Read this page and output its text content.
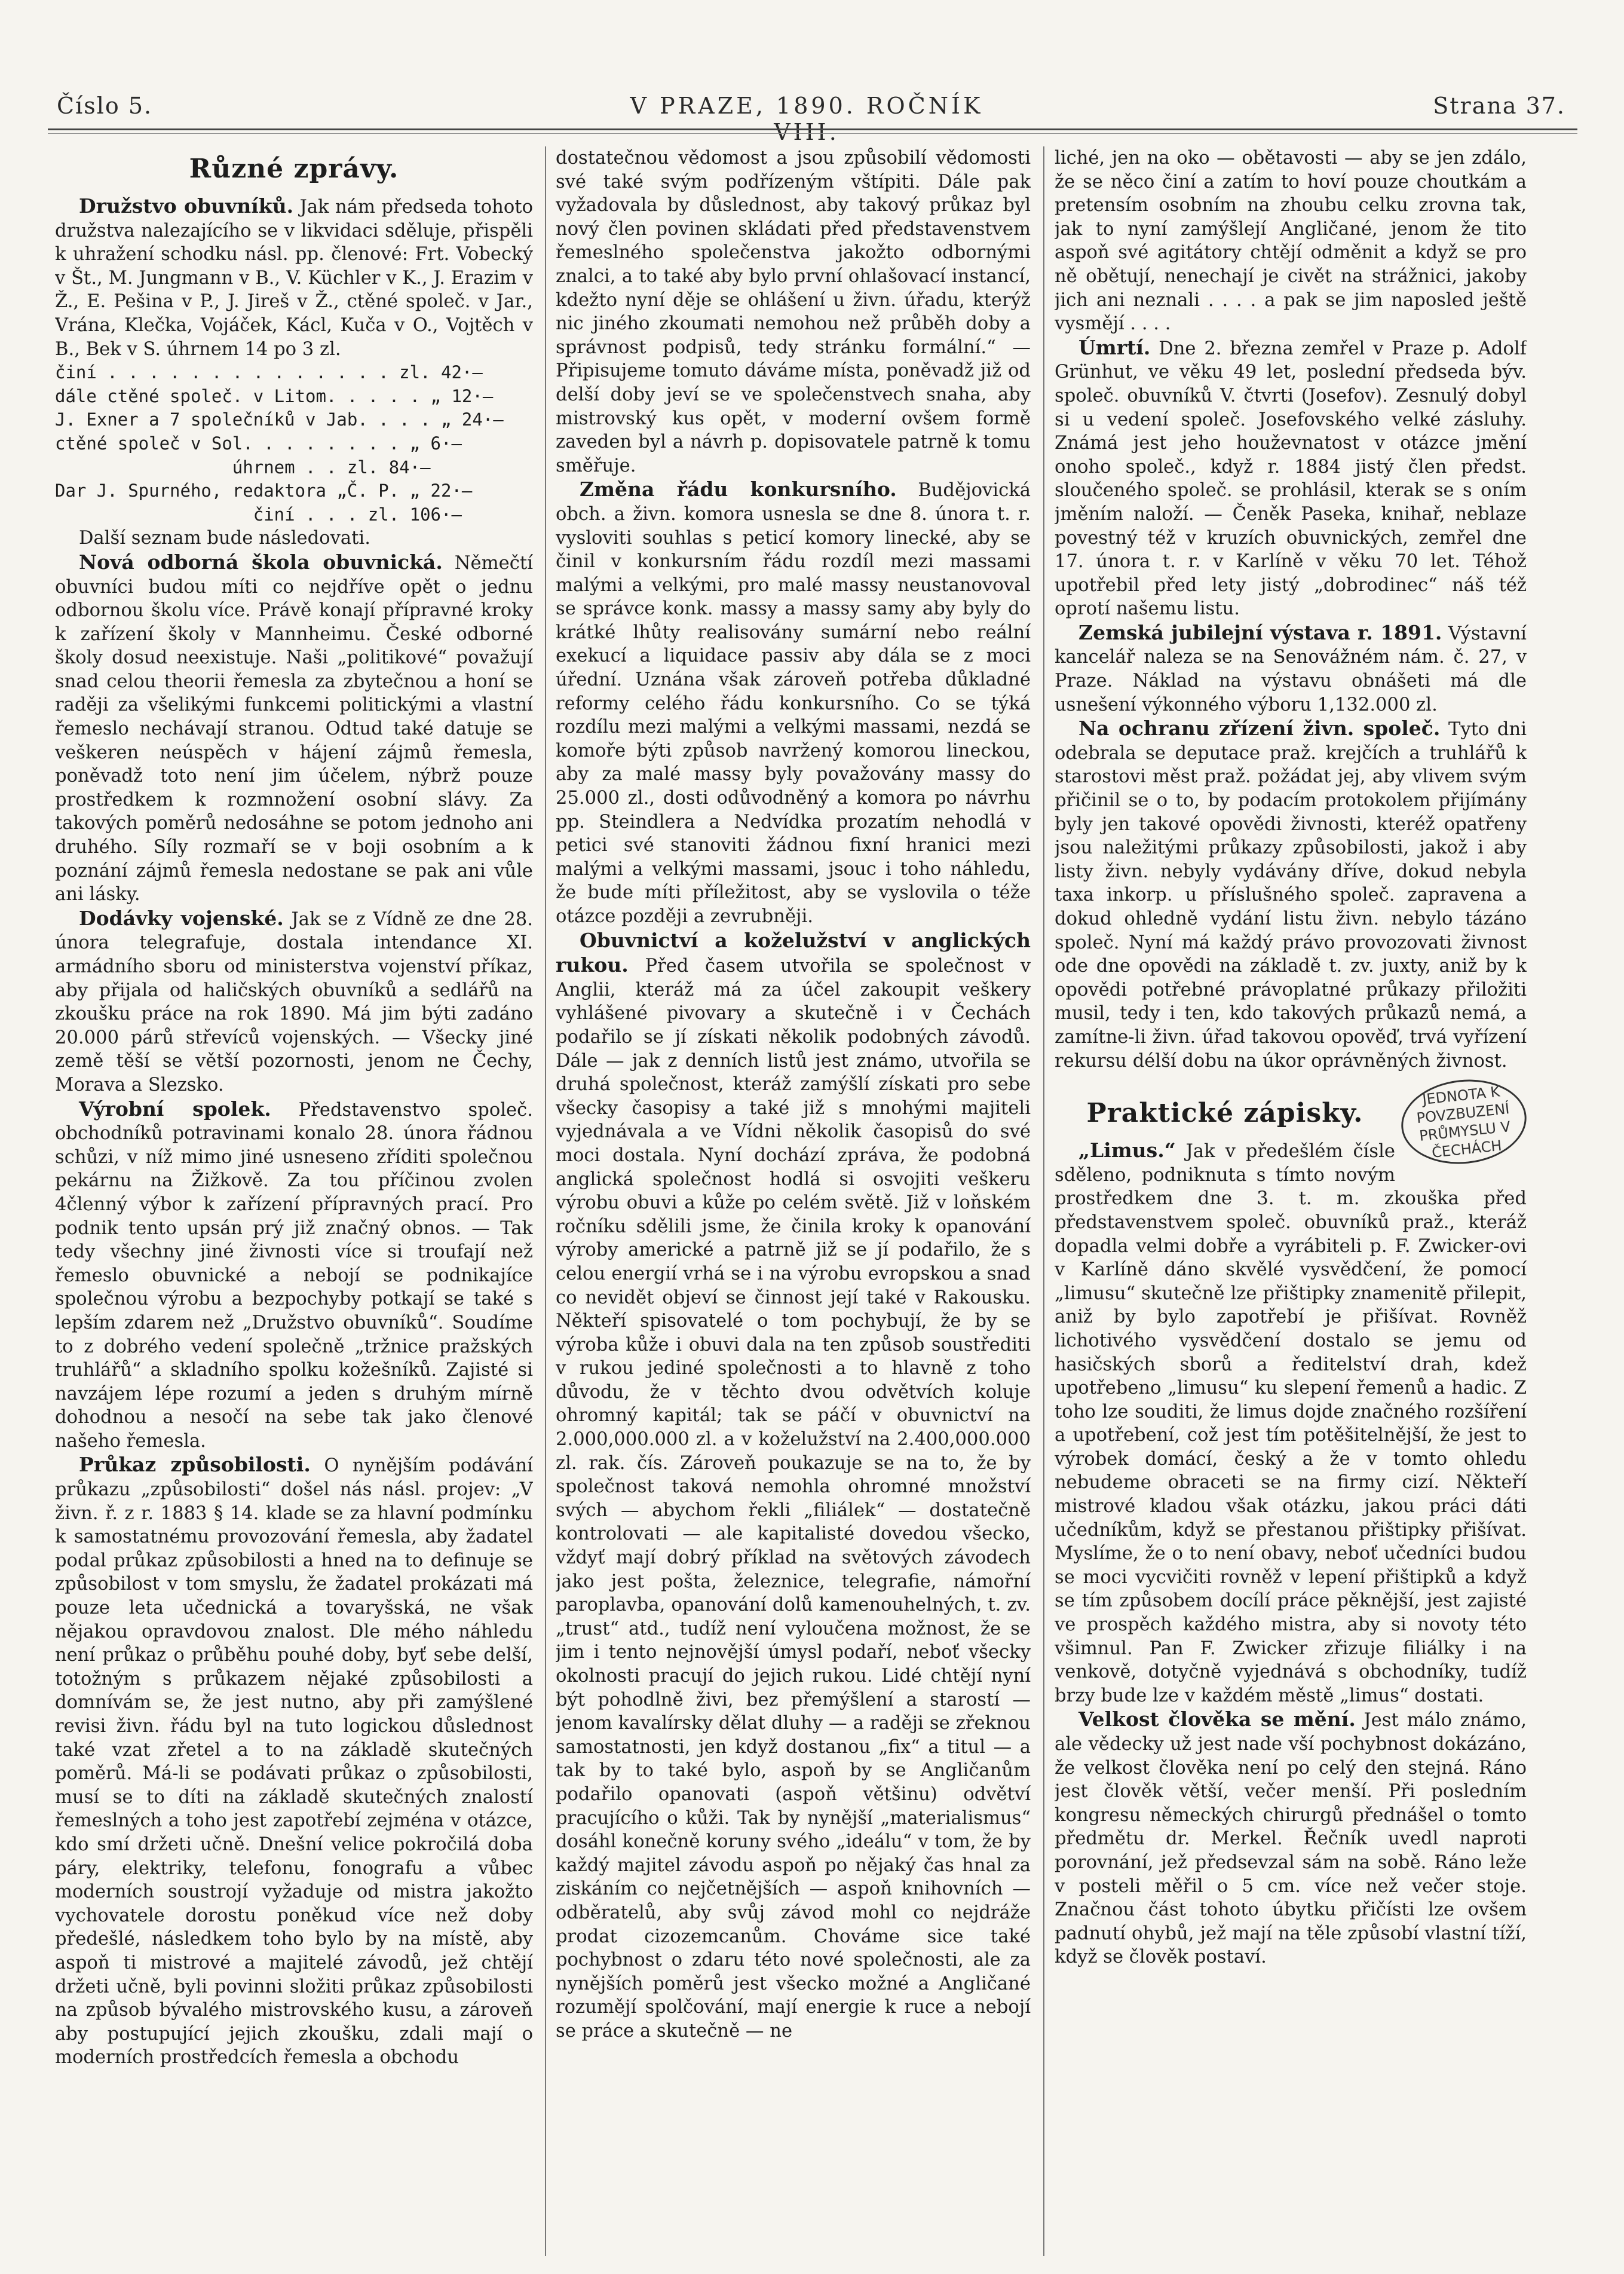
Číslo 5.	V PRAZE, 1890. ROČNÍK VIII.
Strana 37.
Různé zprávy.

Družstvo obuvníků. Jak nám předseda tohoto družstva nalezajícího se v likvidaci sděluje, přispěli k uhražení schodku násl. pp. členové: Frt. Vobecký v Št., M. Jungmann v B., V. Küchler v K., J. Erazim v Ž., E. Pešina v P., J. Jireš v Ž., ctěné společ. v Jar., Vrána, Klečka, Vojáček, Kácl, Kuča v O., Vojtěch v B., Bek v S. úhrnem 14 po 3 zl.

činí . . . . . . . . . . . . . . zl. 42·—
dále ctěné společ. v Litom. . . . . „ 12·—
J. Exner a 7 společníků v Jab. . . . „ 24·—
ctěné společ v Sol. . . . . . . . „ 6·—
úhrnem . . zl. 84·—
Dar J. Spurného, redaktora „Č. P. „ 22·—
činí . . . zl. 106·—

Další seznam bude následovati.

Nová odborná škola obuvnická. Němečtí obuvníci budou míti co nejdříve opět o jednu odbornou školu více. Právě konají přípravné kroky k zařízení školy v Mannheimu. České odborné školy dosud neexistuje. Naši „politikové“ považují snad celou theorii řemesla za zbytečnou a honí se raději za všelikými funkcemi politickými a vlastní řemeslo nechávají stranou. Odtud také datuje se veškeren neúspěch v hájení zájmů řemesla, poněvadž toto není jim účelem, nýbrž pouze prostředkem k rozmnožení osobní slávy. Za takových poměrů nedosáhne se potom jednoho ani druhého. Síly rozmaří se v boji osobním a k poznání zájmů řemesla nedostane se pak ani vůle ani lásky.

Dodávky vojenské. Jak se z Vídně ze dne 28. února telegrafuje, dostala intendance XI. armádního sboru od ministerstva vojenství příkaz, aby přijala od haličských obuvníků a sedlářů na zkoušku práce na rok 1890. Má jim býti zadáno 20.000 párů střevíců vojenských. — Všecky jiné země těší se větší pozornosti, jenom ne Čechy, Morava a Slezsko.

Výrobní spolek. Představenstvo společ. obchodníků potravinami konalo 28. února řádnou schůzi, v níž mimo jiné usneseno zříditi společnou pekárnu na Žižkově. Za tou příčinou zvolen 4členný výbor k zařízení přípravných prací. Pro podnik tento upsán prý již značný obnos. — Tak tedy všechny jiné živnosti více si troufají než řemeslo obuvnické a nebojí se podnikajíce společnou výrobu a bezpochyby potkají se také s lepším zdarem než „Družstvo obuvníků“. Soudíme to z dobrého vedení společně „tržnice pražských truhlářů“ a skladního spolku kožešníků. Zajisté si navzájem lépe rozumí a jeden s druhým mírně dohodnou a nesočí na sebe tak jako členové našeho řemesla.

Průkaz způsobilosti. O nynějším podávání průkazu „způsobilosti“ došel nás násl. projev: „V živn. ř. z r. 1883 § 14. klade se za hlavní podmínku k samostatnému provozování řemesla, aby žadatel podal průkaz způsobilosti a hned na to definuje se způsobilost v tom smyslu, že žadatel prokázati má pouze leta učednická a tovaryšská, ne však nějakou opravdovou znalost. Dle mého náhledu není průkaz o průběhu pouhé doby, byť sebe delší, totožným s průkazem nějaké způsobilosti a domnívám se, že jest nutno, aby při zamýšlené revisi živn. řádu byl na tuto logickou důslednost také vzat zřetel a to na základě skutečných poměrů. Má-li se podávati průkaz o způsobilosti, musí se to díti na základě skutečných znalostí řemeslných a toho jest zapotřebí zejména v otázce, kdo smí držeti učně. Dnešní velice pokročilá doba páry, elektriky, telefonu, fonografu a vůbec moderních soustrojí vyžaduje od mistra jakožto vychovatele dorostu poněkud více než doby předešlé, následkem toho bylo by na místě, aby aspoň ti mistrové a majitelé závodů, jež chtějí držeti učně, byli povinni složiti průkaz způsobilosti na způsob bývalého mistrovského kusu, a zároveň aby postupující jejich zkoušku, zdali mají o moderních prostředcích řemesla a obchodu

dostatečnou vědomost a jsou způsobilí vědomosti své také svým podřízeným vštípiti. Dále pak vyžadovala by důslednost, aby takový průkaz byl nový člen povinen skládati před představenstvem řemeslného společenstva jakožto odbornými znalci, a to také aby bylo první ohlašovací instancí, kdežto nyní děje se ohlášení u živn. úřadu, kterýž nic jiného zkoumati nemohou než průběh doby a správnost podpisů, tedy stránku formální.“ — Připisujeme tomuto dáváme místa, poněvadž již od delší doby jeví se ve společenstvech snaha, aby mistrovský kus opět, v moderní ovšem formě zaveden byl a návrh p. dopisovatele patrně k tomu směřuje.

Změna řádu konkursního. Budějovická obch. a živn. komora usnesla se dne 8. února t. r. vysloviti souhlas s peticí komory linecké, aby se činil v konkursním řádu rozdíl mezi massami malými a velkými, pro malé massy neustanovoval se správce konk. massy a massy samy aby byly do krátké lhůty realisovány sumární nebo reální exekucí a liquidace passiv aby dála se z moci úřední. Uznána však zároveň potřeba důkladné reformy celého řádu konkursního. Co se týká rozdílu mezi malými a velkými massami, nezdá se komoře býti způsob navržený komorou lineckou, aby za malé massy byly považovány massy do 25.000 zl., dosti odůvodněný a komora po návrhu pp. Steindlera a Nedvídka prozatím nehodlá v petici své stanoviti žádnou fixní hranici mezi malými a velkými massami, jsouc i toho náhledu, že bude míti příležitost, aby se vyslovila o téže otázce později a zevrubněji.

Obuvnictví a koželužství v anglických rukou. Před časem utvořila se společnost v Anglii, kteráž má za účel zakoupit veškery vyhlášené pivovary a skutečně i v Čechách podařilo se jí získati několik podobných závodů. Dále — jak z denních listů jest známo, utvořila se druhá společnost, kteráž zamýšlí získati pro sebe všecky časopisy a také již s mnohými majiteli vyjednávala a ve Vídni několik časopisů do své moci dostala. Nyní dochází zpráva, že podobná anglická společnost hodlá si osvojiti veškeru výrobu obuvi a kůže po celém světě. Již v loňském ročníku sdělili jsme, že činila kroky k opanování výroby americké a patrně již se jí podařilo, že s celou energií vrhá se i na výrobu evropskou a snad co nevidět objeví se činnost její také v Rakousku. Někteří spisovatelé o tom pochybují, že by se výroba kůže i obuvi dala na ten způsob soustřediti v rukou jediné společnosti a to hlavně z toho důvodu, že v těchto dvou odvětvích koluje ohromný kapitál; tak se páčí v obuvnictví na 2.000,000.000 zl. a v koželužství na 2.400,000.000 zl. rak. čís. Zároveň poukazuje se na to, že by společnost taková nemohla ohromné množství svých — abychom řekli „filiálek“ — dostatečně kontrolovati — ale kapitalisté dovedou všecko, vždyť mají dobrý příklad na světových závodech jako jest pošta, železnice, telegrafie, námořní paroplavba, opanování dolů kamenouhelných, t. zv. „trust“ atd., tudíž není vyloučena možnost, že se jim i tento nejnovější úmysl podaří, neboť všecky okolnosti pracují do jejich rukou. Lidé chtějí nyní být pohodlně živi, bez přemýšlení a starostí — jenom kavalírsky dělat dluhy — a raději se zřeknou samostatnosti, jen když dostanou „fix“ a titul — a tak by to také bylo, aspoň by se Angličanům podařilo opanovati (aspoň většinu) odvětví pracujícího o kůži. Tak by nynější „materialismus“ dosáhl konečně koruny svého „ideálu“ v tom, že by každý majitel závodu aspoň po nějaký čas hnal za ziskáním co nejčetnějších — aspoň knihovních — odběratelů, aby svůj závod mohl co nejdráže prodat cizozemcanům. Chováme sice také pochybnost o zdaru této nové společnosti, ale za nynějších poměrů jest všecko možné a Angličané rozumějí spolčování, mají energie k ruce a nebojí se práce a skutečně — ne

liché, jen na oko — obětavosti — aby se jen zdálo, že se něco činí a zatím to hoví pouze choutkám a pretensím osobním na zhoubu celku zrovna tak, jak to nyní zamýšlejí Angličané, jenom že tito aspoň své agitátory chtějí odměnit a když se pro ně obětují, nenechají je civět na strážnici, jakoby jich ani neznali . . . . a pak se jim naposled ještě vysmějí . . . .

Úmrtí. Dne 2. března zemřel v Praze p. Adolf Grünhut, ve věku 49 let, poslední předseda býv. společ. obuvníků V. čtvrti (Josefov). Zesnulý dobyl si u vedení společ. Josefovského velké zásluhy. Známá jest jeho houževnatost v otázce jmění onoho společ., když r. 1884 jistý člen předst. sloučeného společ. se prohlásil, kterak se s oním jměním naloží. — Čeněk Paseka, knihař, neblaze povestný též v kruzích obuvnických, zemřel dne 17. února t. r. v Karlíně v věku 70 let. Téhož upotřebil před lety jistý „dobrodinec“ náš též oprotí našemu listu.

Zemská jubilejní výstava r. 1891. Výstavní kancelář naleza se na Senovážném nám. č. 27, v Praze. Náklad na výstavu obnášeti má dle usnešení výkonného výboru 1,132.000 zl.

Na ochranu zřízení živn. společ. Tyto dni odebrala se deputace praž. krejčích a truhlářů k starostovi měst praž. požádat jej, aby vlivem svým přičinil se o to, by podacím protokolem přijímány byly jen takové opovědi živnosti, kteréž opatřeny jsou naležitými průkazy způsobilosti, jakož i aby listy živn. nebyly vydávány dříve, dokud nebyla taxa inkorp. u příslušného společ. zapravena a dokud ohledně vydání listu živn. nebylo tázáno společ. Nyní má každý právo provozovati živnost ode dne opovědi na základě t. zv. juxty, aniž by k opovědi potřebné právoplatné průkazy přiložiti musil, tedy i ten, kdo takových průkazů nemá, a zamítne-li živn. úřad takovou opověď, trvá vyřízení rekursu délší dobu na úkor oprávněných živnost.

JEDNOTA K POVZBUZENÍ PRŮMYSLU V ČECHÁCH
Praktické zápisky.

„Limus.“ Jak v předešlém čísle sděleno, podniknuta s tímto novým prostředkem dne 3. t. m. zkouška před představenstvem společ. obuvníků praž., kteráž dopadla velmi dobře a vyrábiteli p. F. Zwicker-ovi v Karlíně dáno skvělé vysvědčení, že pomocí „limusu“ skutečně lze přištipky znamenitě přilepit, aniž by bylo zapotřebí je přišívat. Rovněž lichotivého vysvědčení dostalo se jemu od hasičských sborů a ředitelství drah, kdež upotřebeno „limusu“ ku slepení řemenů a hadic. Z toho lze souditi, že limus dojde značného rozšíření a upotřebení, což jest tím potěšitelnější, že jest to výrobek domácí, český a že v tomto ohledu nebudeme obraceti se na firmy cizí. Někteří mistrové kladou však otázku, jakou práci dáti učedníkům, když se přestanou přištipky přišívat. Myslíme, že o to není obavy, neboť učedníci budou se moci vycvičiti rovněž v lepení přištipků a když se tím způsobem docílí práce pěknější, jest zajisté ve prospěch každého mistra, aby si novoty této všimnul. Pan F. Zwicker zřizuje filiálky i na venkově, dotyčně vyjednává s obchodníky, tudíž brzy bude lze v každém městě „limus“ dostati.

Velkost člověka se mění. Jest málo známo, ale vědecky už jest nade vší pochybnost dokázáno, že velkost člověka není po celý den stejná. Ráno jest člověk větší, večer menší. Při posledním kongresu německých chirurgů přednášel o tomto předmětu dr. Merkel. Řečník uvedl naproti porovnání, jež předsevzal sám na sobě. Ráno leže v posteli měřil o 5 cm. více než večer stoje. Značnou část tohoto úbytku přičísti lze ovšem padnutí ohybů, jež mají na těle způsobí vlastní tíží, když se člověk postaví.
